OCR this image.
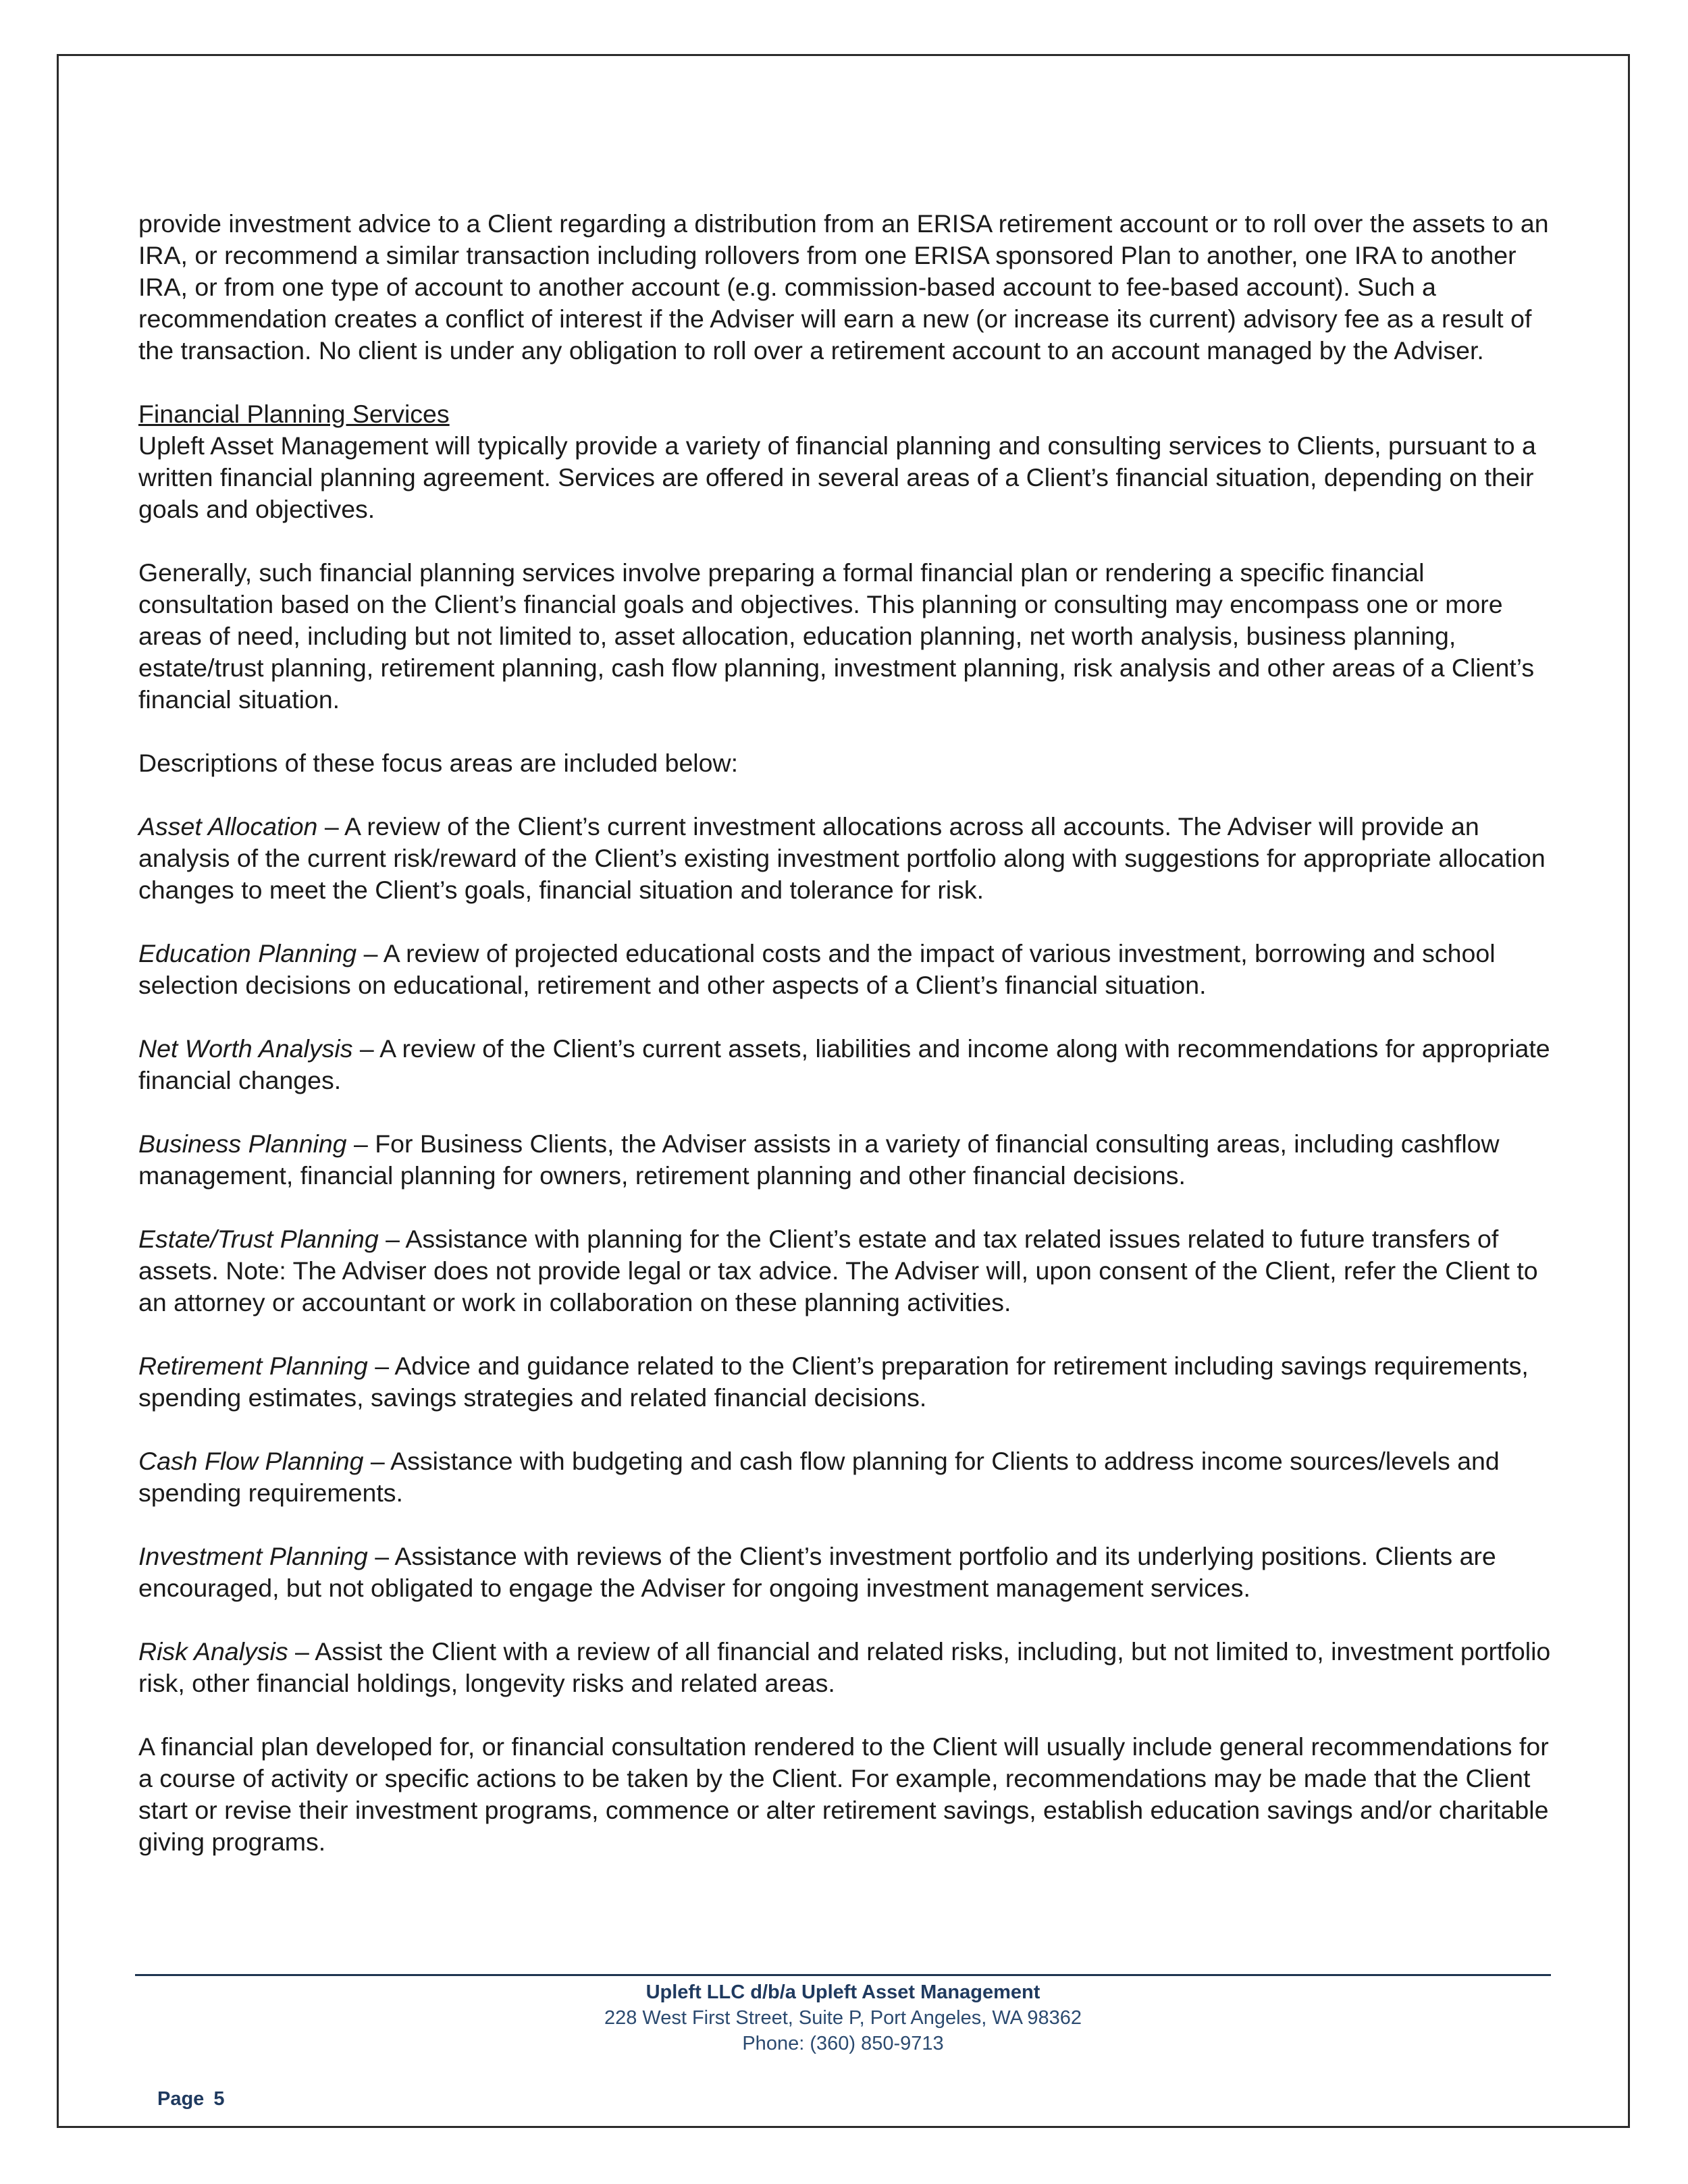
provide investment advice to a Client regarding a distribution from an ERISA retirement account or to roll over the assets to an IRA, or recommend a similar transaction including rollovers from one ERISA sponsored Plan to another, one IRA to another IRA, or from one type of account to another account (e.g. commission-based account to fee-based account). Such a recommendation creates a conflict of interest if the Adviser will earn a new (or increase its current) advisory fee as a result of the transaction. No client is under any obligation to roll over a retirement account to an account managed by the Adviser.

Financial Planning Services
Upleft Asset Management will typically provide a variety of financial planning and consulting services to Clients, pursuant to a written financial planning agreement. Services are offered in several areas of a Client’s financial situation, depending on their goals and objectives.

Generally, such financial planning services involve preparing a formal financial plan or rendering a specific financial consultation based on the Client’s financial goals and objectives. This planning or consulting may encompass one or more areas of need, including but not limited to, asset allocation, education planning, net worth analysis, business planning, estate/trust planning, retirement planning, cash flow planning, investment planning, risk analysis and other areas of a Client’s financial situation.

Descriptions of these focus areas are included below:

Asset Allocation – A review of the Client’s current investment allocations across all accounts. The Adviser will provide an analysis of the current risk/reward of the Client’s existing investment portfolio along with suggestions for appropriate allocation changes to meet the Client’s goals, financial situation and tolerance for risk.

Education Planning – A review of projected educational costs and the impact of various investment, borrowing and school selection decisions on educational, retirement and other aspects of a Client’s financial situation.

Net Worth Analysis – A review of the Client’s current assets, liabilities and income along with recommendations for appropriate financial changes.

Business Planning – For Business Clients, the Adviser assists in a variety of financial consulting areas, including cashflow management, financial planning for owners, retirement planning and other financial decisions.

Estate/Trust Planning – Assistance with planning for the Client’s estate and tax related issues related to future transfers of assets. Note: The Adviser does not provide legal or tax advice. The Adviser will, upon consent of the Client, refer the Client to an attorney or accountant or work in collaboration on these planning activities.

Retirement Planning – Advice and guidance related to the Client’s preparation for retirement including savings requirements, spending estimates, savings strategies and related financial decisions.

Cash Flow Planning – Assistance with budgeting and cash flow planning for Clients to address income sources/levels and spending requirements.

Investment Planning – Assistance with reviews of the Client’s investment portfolio and its underlying positions. Clients are encouraged, but not obligated to engage the Adviser for ongoing investment management services.

Risk Analysis – Assist the Client with a review of all financial and related risks, including, but not limited to, investment portfolio risk, other financial holdings, longevity risks and related areas.

A financial plan developed for, or financial consultation rendered to the Client will usually include general recommendations for a course of activity or specific actions to be taken by the Client. For example, recommendations may be made that the Client start or revise their investment programs, commence or alter retirement savings, establish education savings and/or charitable giving programs.

Upleft LLC d/b/a Upleft Asset Management
228 West First Street, Suite P, Port Angeles, WA 98362
Phone: (360) 850-9713
Page 5
